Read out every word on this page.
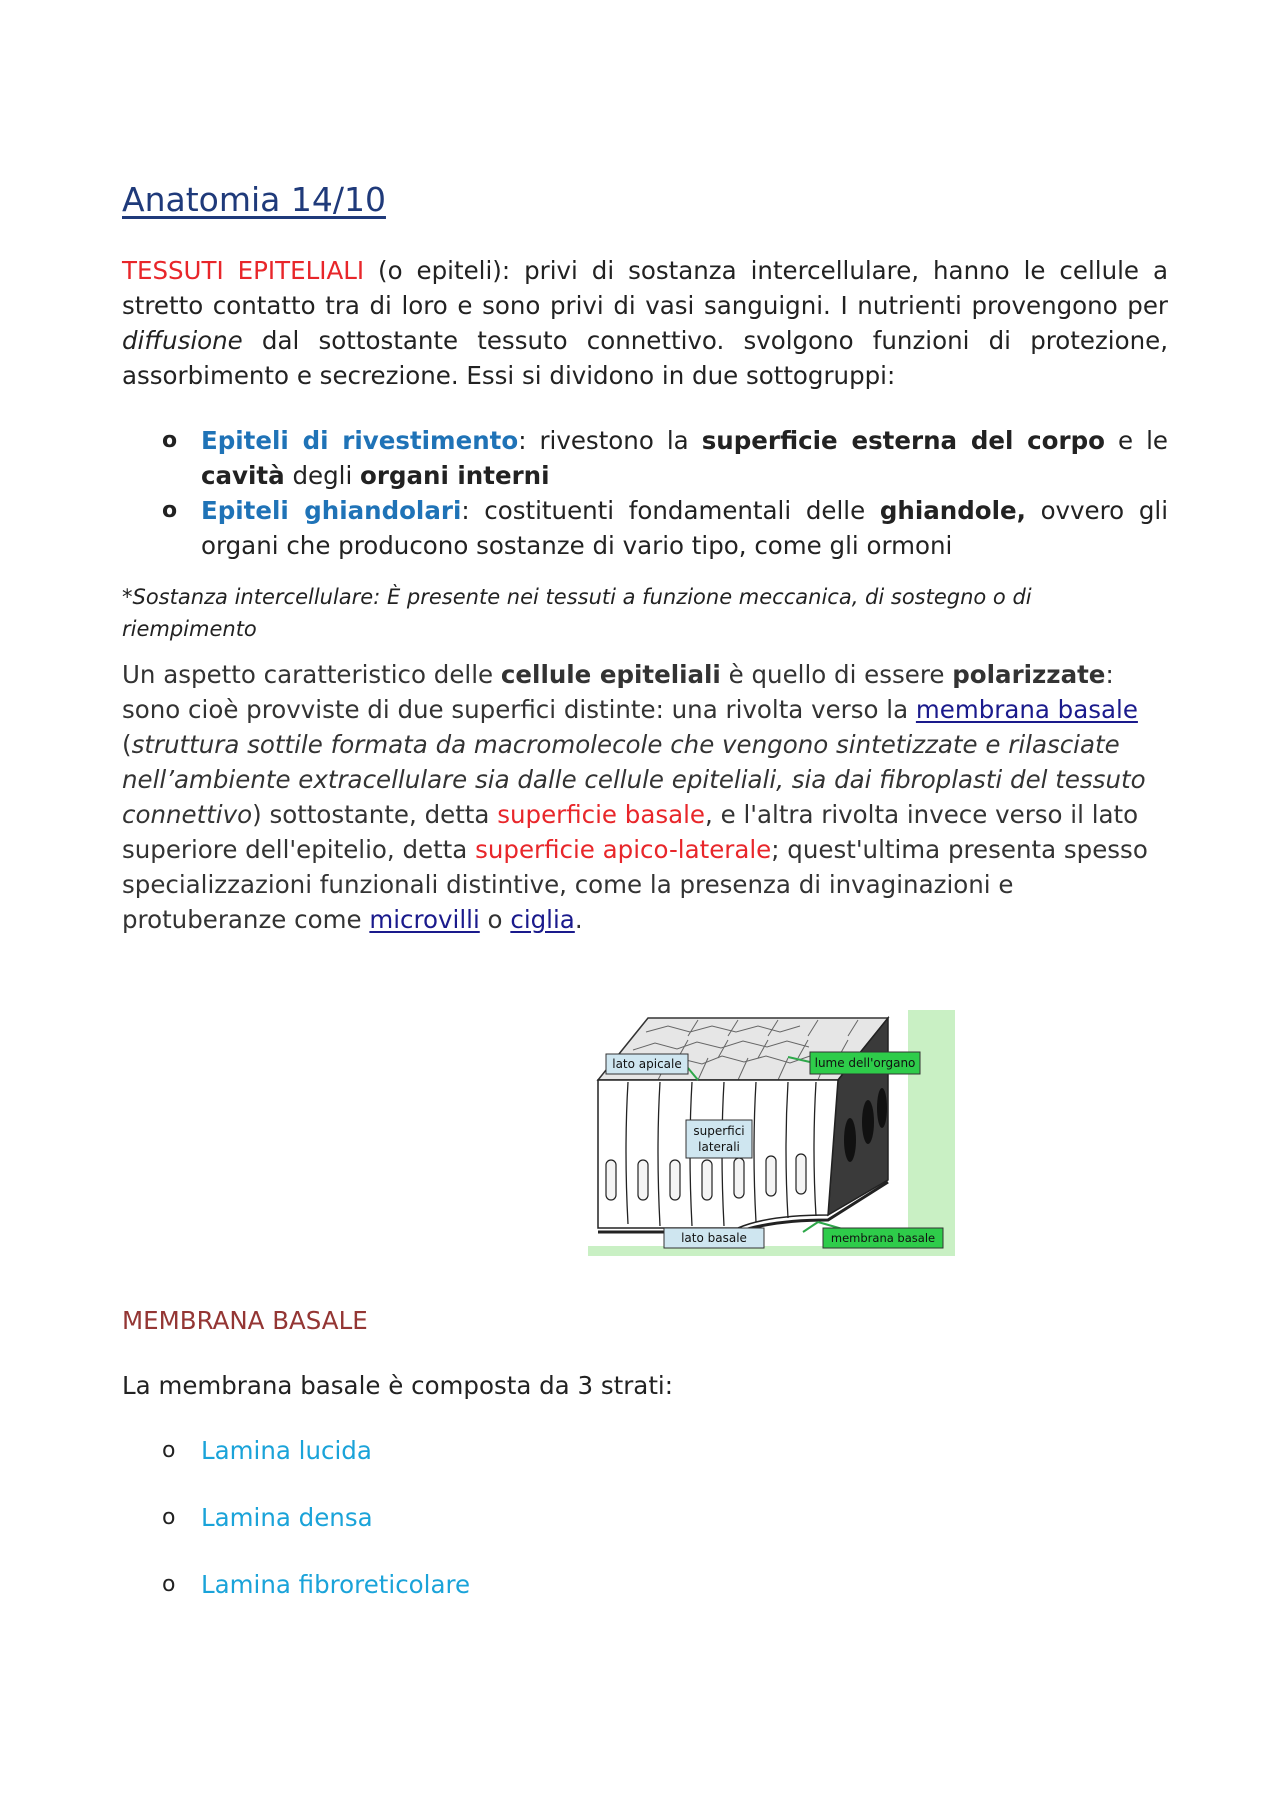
Anatomia 14/10

TESSUTI EPITELIALI (o epiteli): privi di sostanza intercellulare, hanno le cellule a stretto contatto tra di loro e sono privi di vasi sanguigni. I nutrienti provengono per diffusione dal sottostante tessuto connettivo. svolgono funzioni di protezione, assorbimento e secrezione. Essi si dividono in due sottogruppi:

o Epiteli di rivestimento: rivestono la superficie esterna del corpo e le cavità degli organi interni
o Epiteli ghiandolari: costituenti fondamentali delle ghiandole, ovvero gli organi che producono sostanze di vario tipo, come gli ormoni

*Sostanza intercellulare: È presente nei tessuti a funzione meccanica, di sostegno o di riempimento

Un aspetto caratteristico delle cellule epiteliali è quello di essere polarizzate: sono cioè provviste di due superfici distinte: una rivolta verso la membrana basale (struttura sottile formata da macromolecole che vengono sintetizzate e rilasciate nell’ambiente extracellulare sia dalle cellule epiteliali, sia dai fibroplasti del tessuto connettivo) sottostante, detta superficie basale, e l'altra rivolta invece verso il lato superiore dell'epitelio, detta superficie apico-laterale; quest'ultima presenta spesso specializzazioni funzionali distintive, come la presenza di invaginazioni e protuberanze come microvilli o ciglia.

lato apicale	lume dell'organo
superfici
laterali
lato basale	membrana basale
MEMBRANA BASALE

La membrana basale è composta da 3 strati:

o Lamina lucida
o Lamina densa
o Lamina fibroreticolare
